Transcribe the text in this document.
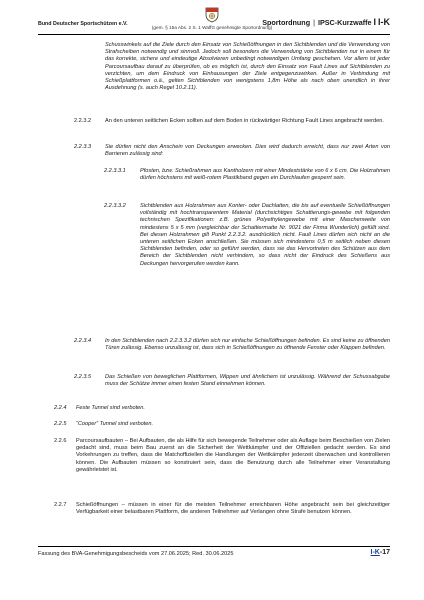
Bund Deutscher Sportschützen e.V.
(gem. § 15a Abs. 2 S. 1 WaffG genehmigte Sportordnung)
Sportordnung | IPSC-Kurzwaffe I I-K

Schusswinkels auf die Ziele durch den Einsatz von Schießöffnungen in den Sichtblenden und die Verwendung von Strafscheiben notwendig und sinnvoll. Jedoch soll besonders die Verwendung von Sichtblenden nur in einem für das korrekte, sichere und eindeutige Absolvieren unbedingt notwendigen Umfang geschehen. Vor allem ist jeder Parcoursaufbau darauf zu überprüfen, ob es möglich ist, durch den Einsatz von Fault Lines auf Sichtblenden zu verzichten, um dem Eindruck von Einhausungen der Ziele entgegenzuwirken. Außer in Verbindung mit Schießplattformen o.ä., gelten Sichtblenden von wenigstens 1,8m Höhe als nach oben unendlich in ihrer Ausdehnung (s. auch Regel 10.2.11).

2.2.3.2 An den unteren seitlichen Ecken sollten auf dem Boden in rückwärtiger Richtung Fault Lines angebracht werden.

2.2.3.3 Sie dürfen nicht den Anschein von Deckungen erwecken. Dies wird dadurch erreicht, dass nur zwei Arten von Barrieren zulässig sind:

2.2.3.3.1	Pfosten, bzw. Schießrahmen aus Kantholzern mit einer Mindeststärke von 6 x 6 cm. Die Holzrahmen dürfen höchstens mit weiß-rotem Plastikband gegen ein Durchlaufen gesperrt sein.

2.2.3.3.2	Sichtblenden aus Holzrahmen aus Konter- oder Dachlatten, die bis auf eventuelle Schießöffnungen vollständig mit hochtransparentem Material (durchsichtiges Schattierungs-gewebe mit folgenden technischen Spezifikationen: z.B. grünes Polyethylengewebe mit einer Maschenweite von mindestens 5 x 5 mm (vergleichbar der Schattiermatte Nr. 9021 der Firma Wunderlich) gefüllt sind. Bei diesen Holzrahmen gilt Punkt 2.2.3.2. ausdrücklich nicht. Fault Lines dürfen sich nicht an die unteren seitlichen Ecken anschließen. Sie müssen sich mindestens 0,5 m seitlich neben diesen Sichtblenden befinden, oder so geführt werden, dass sie das Hervortreten des Schützen aus dem Bereich der Sichtblenden nicht verhindern, so dass nicht der Eindruck des Schießens aus Deckungen hervorgerufen werden kann.

2.2.3.4 In den Sichtblenden nach 2.2.3.3.2 dürfen sich nur einfache Schießöffnungen befinden. Es sind keine zu öffnenden Türen zulässig. Ebenso unzulässig ist, dass sich in Schießöffnungen zu öffnende Fenster oder Klappen befinden.

2.2.3.5 Das Schießen von beweglichen Plattformen, Wippen und ähnlichem ist unzulässig. Während der Schussabgabe muss der Schütze immer einen festen Stand einnehmen können.

2.2.4 Feste Tunnel sind verboten.

2.2.5 “Cooper” Tunnel sind verboten.

2.2.6 Parcoursaufbauten – Bei Aufbauten, die als Hilfe für sich bewegende Teilnehmer oder als Auflage beim Beschießen von Zielen gedacht sind, muss beim Bau zuerst an die Sicherheit der Wettkämpfer und der Offiziellen gedacht werden. Es sind Vorkehrungen zu treffen, dass die Matchoffiziellen die Handlungen der Wettkämpfer jederzeit überwachen und kontrollieren können. Die Aufbauten müssen so konstruiert sein, dass die Benutzung durch alle Teilnehmer einer Veranstaltung gewährleistet ist.

2.2.7 Schießöffnungen – müssen in einer für die meisten Teilnehmer erreichbaren Höhe angebracht sein bei gleichzeitiger Verfügbarkeit einer belastbaren Plattform, die anderen Teilnehmer auf Verlangen ohne Strafe benutzen können.

Fassung des BVA-Genehmigungsbescheids vom 27.06.2025; Red. 30.06.2025	I-K-17
